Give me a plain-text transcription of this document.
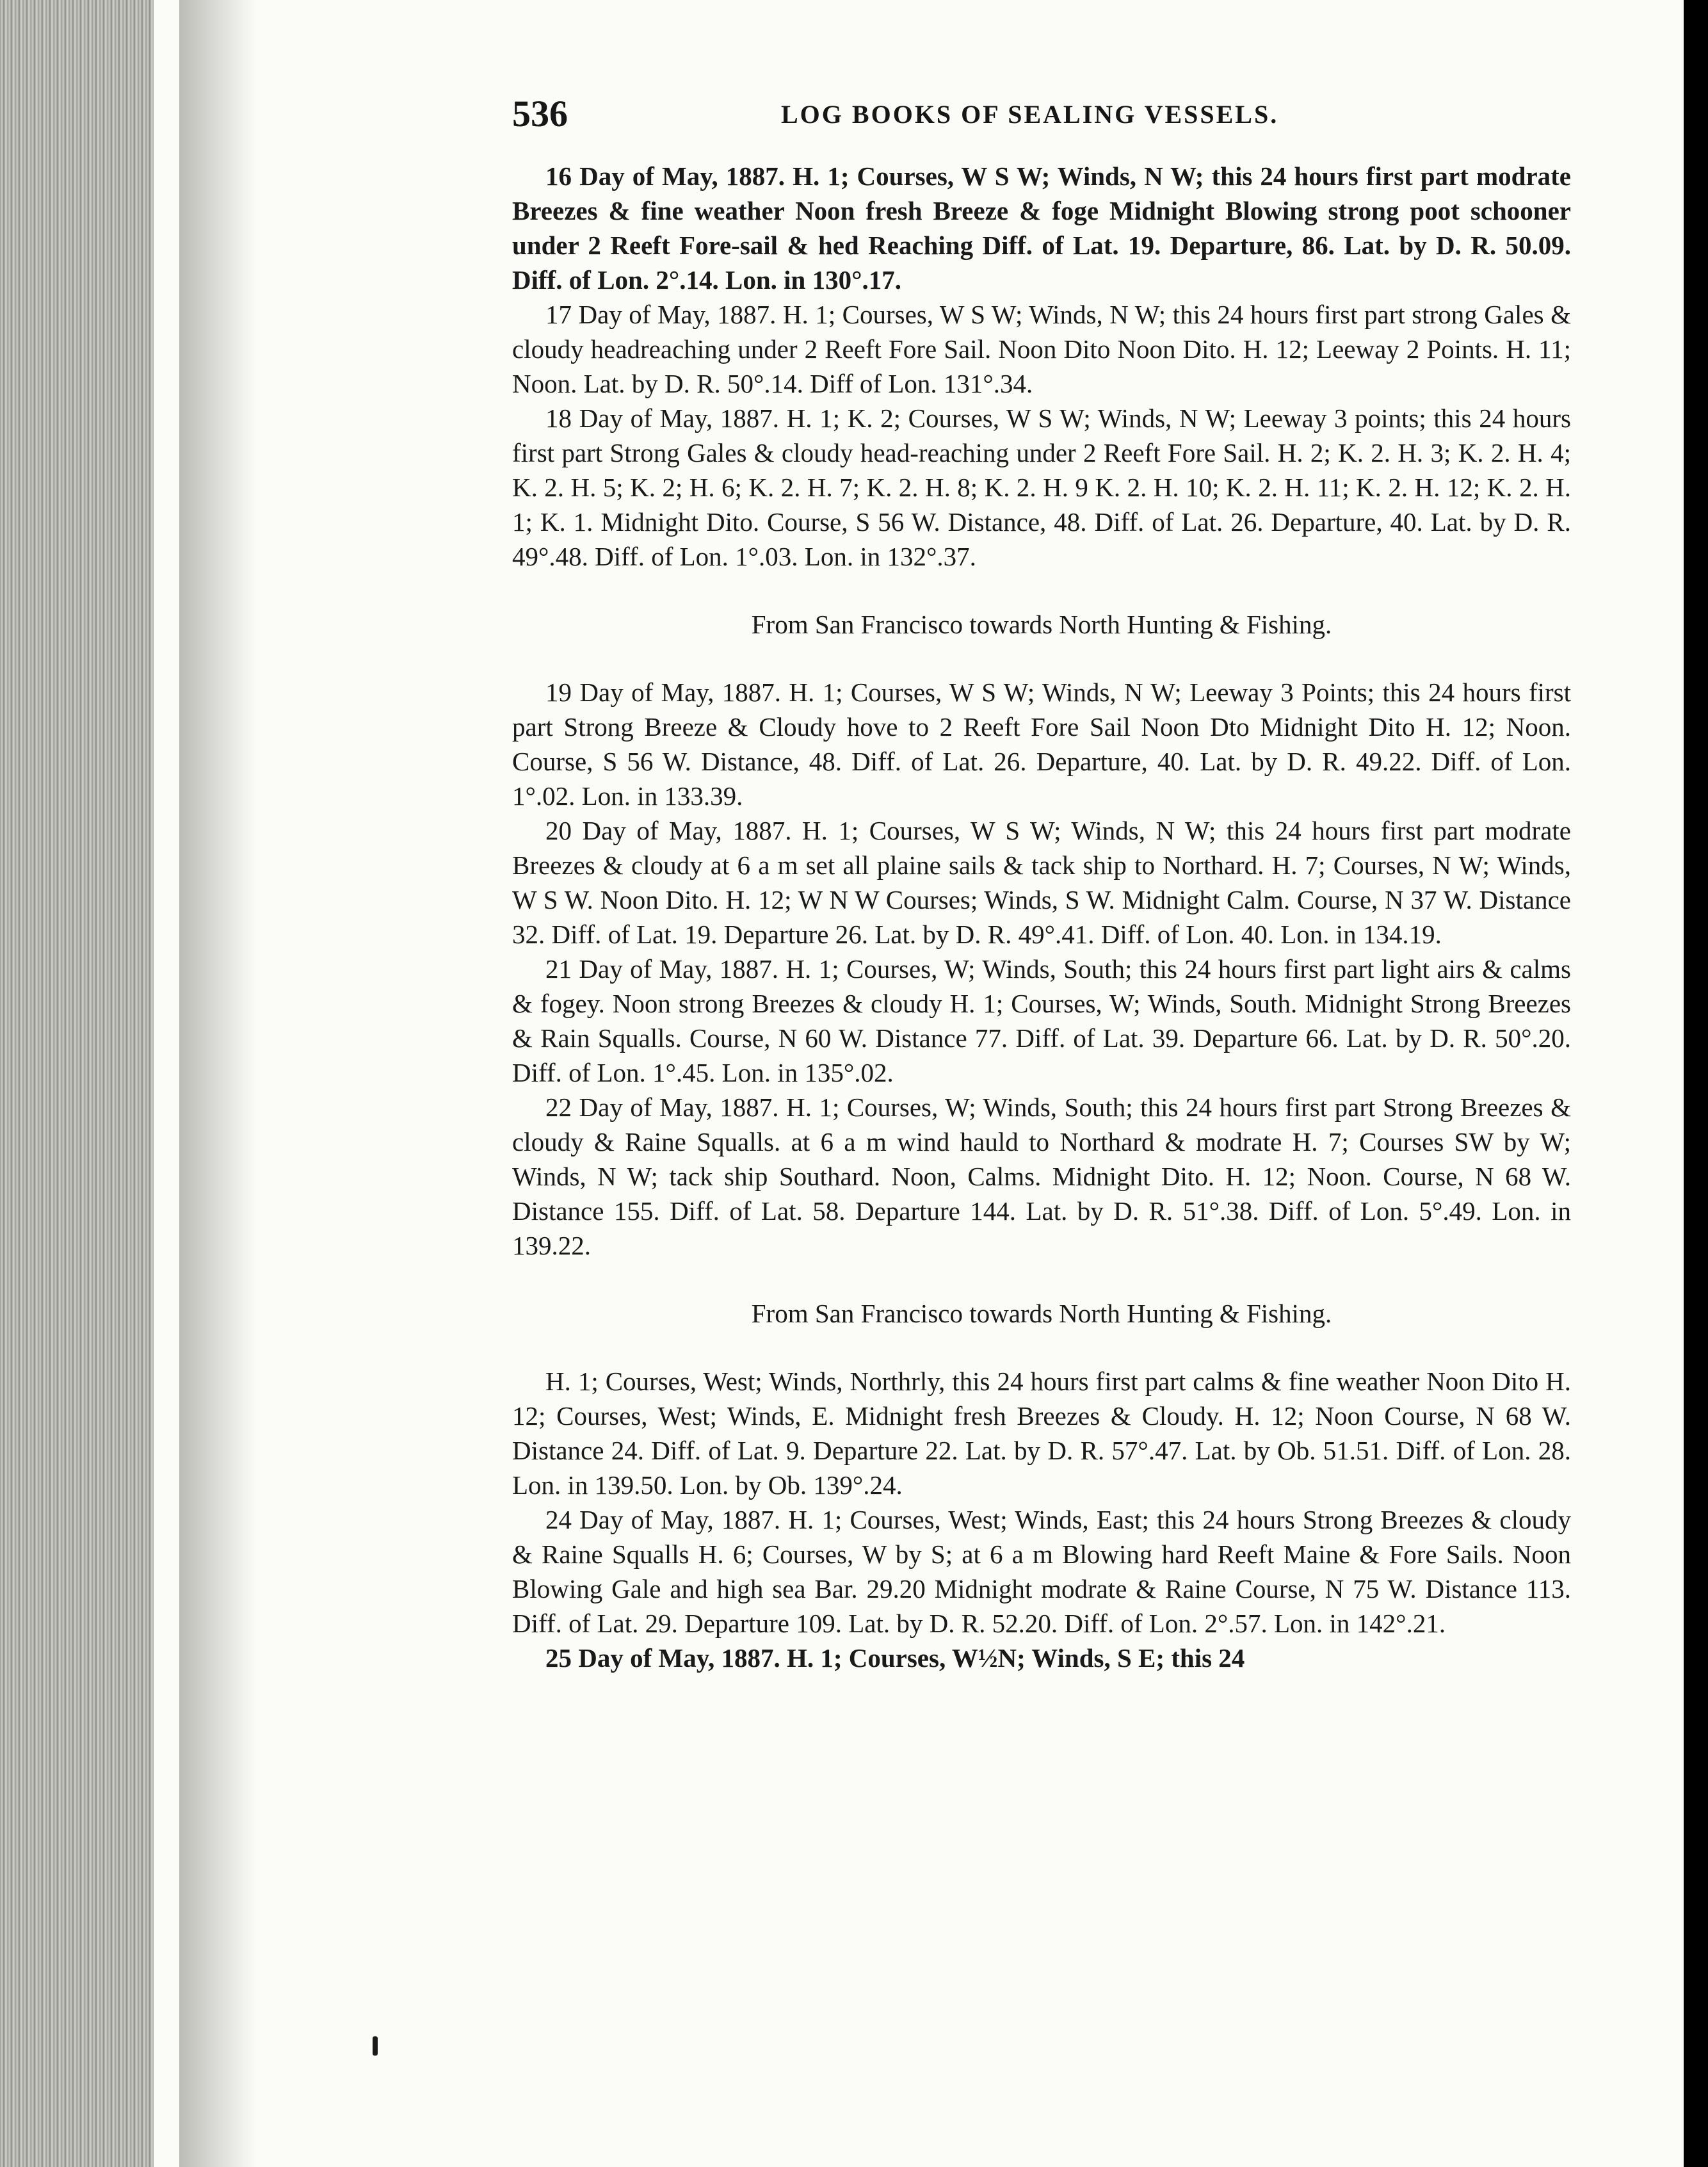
536	LOG BOOKS OF SEALING VESSELS.

16 Day of May, 1887. H. 1; Courses, W S W; Winds, N W; this 24 hours first part modrate Breezes & fine weather Noon fresh Breeze & foge Midnight Blowing strong poot schooner under 2 Reeft Fore-sail & hed Reaching Diff. of Lat. 19. Departure, 86. Lat. by D. R. 50.09. Diff. of Lon. 2°.14. Lon. in 130°.17.

17 Day of May, 1887. H. 1; Courses, W S W; Winds, N W; this 24 hours first part strong Gales & cloudy headreaching under 2 Reeft Fore Sail. Noon Dito Noon Dito. H. 12; Leeway 2 Points. H. 11; Noon. Lat. by D. R. 50°.14. Diff of Lon. 131°.34.

18 Day of May, 1887. H. 1; K. 2; Courses, W S W; Winds, N W; Leeway 3 points; this 24 hours first part Strong Gales & cloudy head-reaching under 2 Reeft Fore Sail. H. 2; K. 2. H. 3; K. 2. H. 4; K. 2. H. 5; K. 2; H. 6; K. 2. H. 7; K. 2. H. 8; K. 2. H. 9 K. 2. H. 10; K. 2. H. 11; K. 2. H. 12; K. 2. H. 1; K. 1. Midnight Dito. Course, S 56 W. Distance, 48. Diff. of Lat. 26. Departure, 40. Lat. by D. R. 49°.48. Diff. of Lon. 1°.03. Lon. in 132°.37.

From San Francisco towards North Hunting & Fishing.

19 Day of May, 1887. H. 1; Courses, W S W; Winds, N W; Leeway 3 Points; this 24 hours first part Strong Breeze & Cloudy hove to 2 Reeft Fore Sail Noon Dto Midnight Dito H. 12; Noon. Course, S 56 W. Distance, 48. Diff. of Lat. 26. Departure, 40. Lat. by D. R. 49.22. Diff. of Lon. 1°.02. Lon. in 133.39.

20 Day of May, 1887. H. 1; Courses, W S W; Winds, N W; this 24 hours first part modrate Breezes & cloudy at 6 a m set all plaine sails & tack ship to Northard. H. 7; Courses, N W; Winds, W S W. Noon Dito. H. 12; W N W Courses; Winds, S W. Midnight Calm. Course, N 37 W. Distance 32. Diff. of Lat. 19. Departure 26. Lat. by D. R. 49°.41. Diff. of Lon. 40. Lon. in 134.19.

21 Day of May, 1887. H. 1; Courses, W; Winds, South; this 24 hours first part light airs & calms & fogey. Noon strong Breezes & cloudy H. 1; Courses, W; Winds, South. Midnight Strong Breezes & Rain Squalls. Course, N 60 W. Distance 77. Diff. of Lat. 39. Departure 66. Lat. by D. R. 50°.20. Diff. of Lon. 1°.45. Lon. in 135°.02.

22 Day of May, 1887. H. 1; Courses, W; Winds, South; this 24 hours first part Strong Breezes & cloudy & Raine Squalls. at 6 a m wind hauld to Northard & modrate H. 7; Courses SW by W; Winds, N W; tack ship Southard. Noon, Calms. Midnight Dito. H. 12; Noon. Course, N 68 W. Distance 155. Diff. of Lat. 58. Departure 144. Lat. by D. R. 51°.38. Diff. of Lon. 5°.49. Lon. in 139.22.

From San Francisco towards North Hunting & Fishing.

H. 1; Courses, West; Winds, Northrly, this 24 hours first part calms & fine weather Noon Dito H. 12; Courses, West; Winds, E. Midnight fresh Breezes & Cloudy. H. 12; Noon Course, N 68 W. Distance 24. Diff. of Lat. 9. Departure 22. Lat. by D. R. 57°.47. Lat. by Ob. 51.51. Diff. of Lon. 28. Lon. in 139.50. Lon. by Ob. 139°.24.

24 Day of May, 1887. H. 1; Courses, West; Winds, East; this 24 hours Strong Breezes & cloudy & Raine Squalls H. 6; Courses, W by S; at 6 a m Blowing hard Reeft Maine & Fore Sails. Noon Blowing Gale and high sea Bar. 29.20 Midnight modrate & Raine Course, N 75 W. Distance 113. Diff. of Lat. 29. Departure 109. Lat. by D. R. 52.20. Diff. of Lon. 2°.57. Lon. in 142°.21.

25 Day of May, 1887. H. 1; Courses, W½N; Winds, S E; this 24
